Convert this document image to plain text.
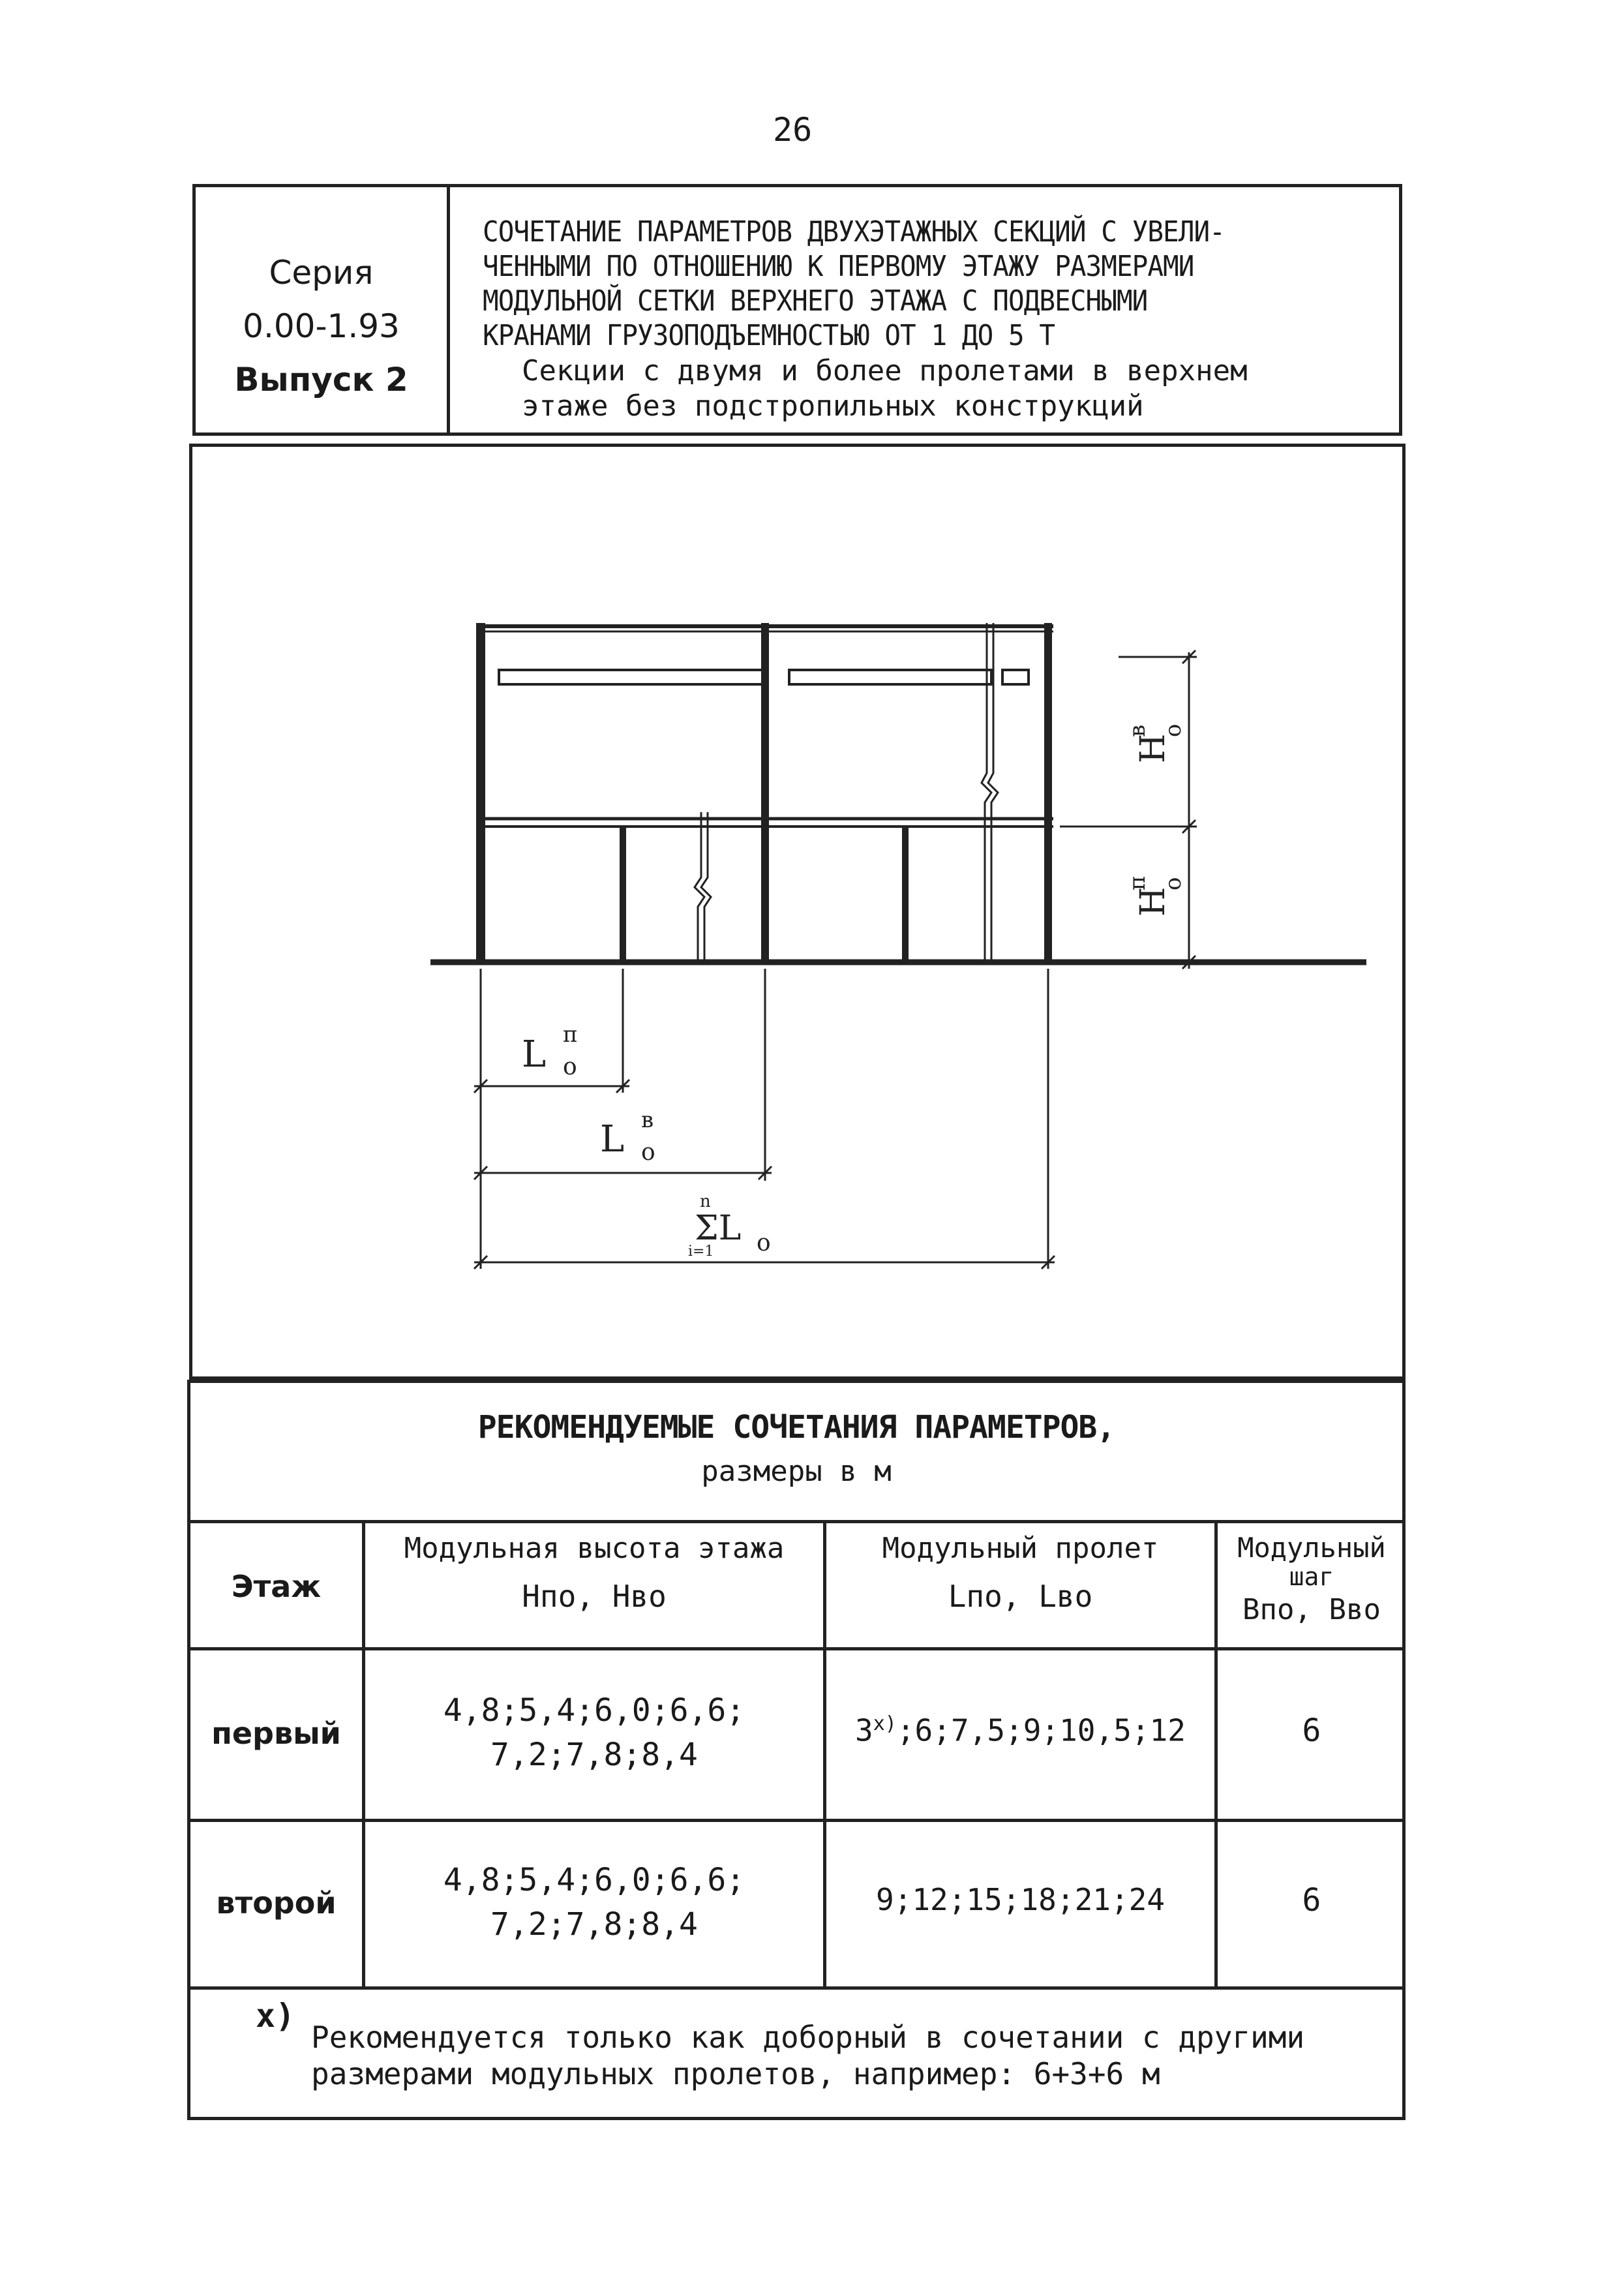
26
Серия
0.00-1.93
Выпуск 2
СОЧЕТАНИЕ ПАРАМЕТРОВ ДВУХЭТАЖНЫХ СЕКЦИЙ С УВЕЛИ-
ЧЕННЫМИ ПО ОТНОШЕНИЮ К ПЕРВОМУ ЭТАЖУ РАЗМЕРАМИ
МОДУЛЬНОЙ СЕТКИ ВЕРХНЕГО ЭТАЖА С ПОДВЕСНЫМИ
КРАНАМИ ГРУЗОПОДЪЕМНОСТЬЮ ОТ 1 ДО 5 Т
Секции с двумя и более пролетами в верхнем
этаже без подстропильных конструкций
H
в о
H
п о
L п
о
L в
о
ΣL
n
i=1 о
РЕКОМЕНДУЕМЫЕ СОЧЕТАНИЯ ПАРАМЕТРОВ,
размеры в м
Этаж
Модульная высота этажа
Hпо, Hво
Модульный пролет
Lпо, Lво
Модульный
шаг
Bпо, Bво
первый
4,8;5,4;6,0;6,6;
7,2;7,8;8,4
3$^{x)}$;6;7,5;9;10,5;12	6
второй
4,8;5,4;6,0;6,6;
7,2;7,8;8,4
9;12;15;18;21;24	6
x)
Рекомендуется только как доборный в сочетании с другими
размерами модульных пролетов, например: 6+3+6 м
